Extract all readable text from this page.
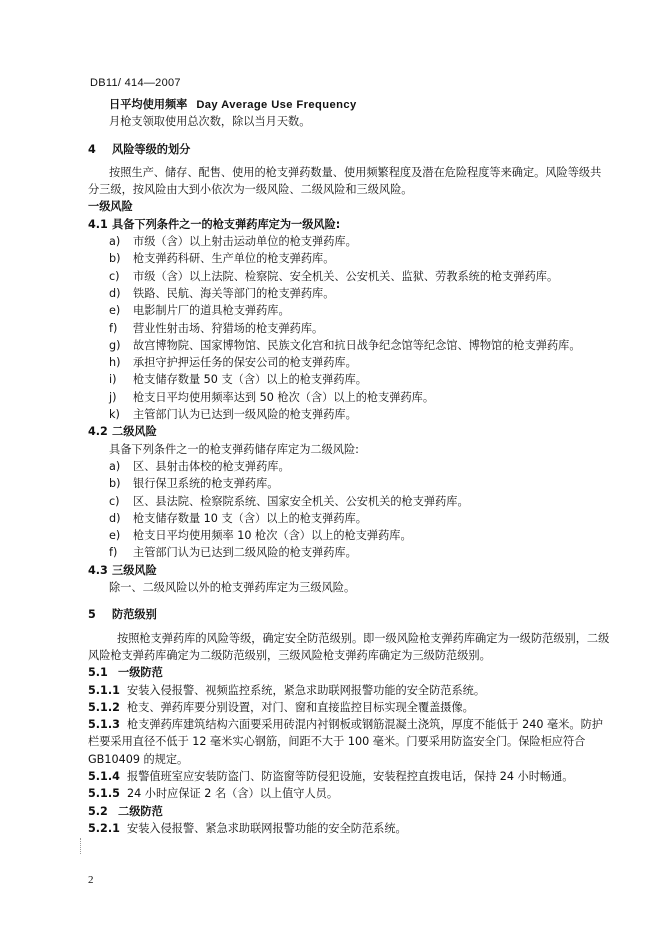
DB11/ 414—2007
日平均使用频率 Day Average Use Frequency
月枪支领取使用总次数，除以当月天数。
4 风险等级的划分
按照生产、储存、配售、使用的枪支弹药数量、使用频繁程度及潜在危险程度等来确定。风险等级共分三级，按风险由大到小依次为一级风险、二级风险和三级风险。
一级风险
4.1 具备下列条件之一的枪支弹药库定为一级风险:
a) 市级（含）以上射击运动单位的枪支弹药库。
b) 枪支弹药科研、生产单位的枪支弹药库。
c) 市级（含）以上法院、检察院、安全机关、公安机关、监狱、劳教系统的枪支弹药库。
d) 铁路、民航、海关等部门的枪支弹药库。
e) 电影制片厂的道具枪支弹药库。
f) 营业性射击场、狩猎场的枪支弹药库。
g) 故宫博物院、国家博物馆、民族文化宫和抗日战争纪念馆等纪念馆、博物馆的枪支弹药库。
h) 承担守护押运任务的保安公司的枪支弹药库。
i) 枪支储存数量 50 支（含）以上的枪支弹药库。
j) 枪支日平均使用频率达到 50 枪次（含）以上的枪支弹药库。
k) 主管部门认为已达到一级风险的枪支弹药库。
4.2 二级风险
具备下列条件之一的枪支弹药储存库定为二级风险:
a) 区、县射击体校的枪支弹药库。
b) 银行保卫系统的枪支弹药库。
c) 区、县法院、检察院系统、国家安全机关、公安机关的枪支弹药库。
d) 枪支储存数量 10 支（含）以上的枪支弹药库。
e) 枪支日平均使用频率 10 枪次（含）以上的枪支弹药库。
f) 主管部门认为已达到二级风险的枪支弹药库。
4.3 三级风险
除一、二级风险以外的枪支弹药库定为三级风险。
5 防范级别
按照枪支弹药库的风险等级，确定安全防范级别。即一级风险枪支弹药库确定为一级防范级别，二级风险枪支弹药库确定为二级防范级别，三级风险枪支弹药库确定为三级防范级别。
5.1 一级防范
5.1.1 安装入侵报警、视频监控系统，紧急求助联网报警功能的安全防范系统。
5.1.2 枪支、弹药库要分别设置，对门、窗和直接监控目标实现全覆盖摄像。
5.1.3 枪支弹药库建筑结构六面要采用砖混内衬钢板或钢筋混凝土浇筑，厚度不能低于 240 毫米。防护栏要采用直径不低于 12 毫米实心钢筋，间距不大于 100 毫米。门要采用防盗安全门。保险柜应符合 GB10409 的规定。
5.1.4 报警值班室应安装防盗门、防盗窗等防侵犯设施，安装程控直拨电话，保持 24 小时畅通。
5.1.5 24 小时应保证 2 名（含）以上值守人员。
5.2 二级防范
5.2.1 安装入侵报警、紧急求助联网报警功能的安全防范系统。
2
